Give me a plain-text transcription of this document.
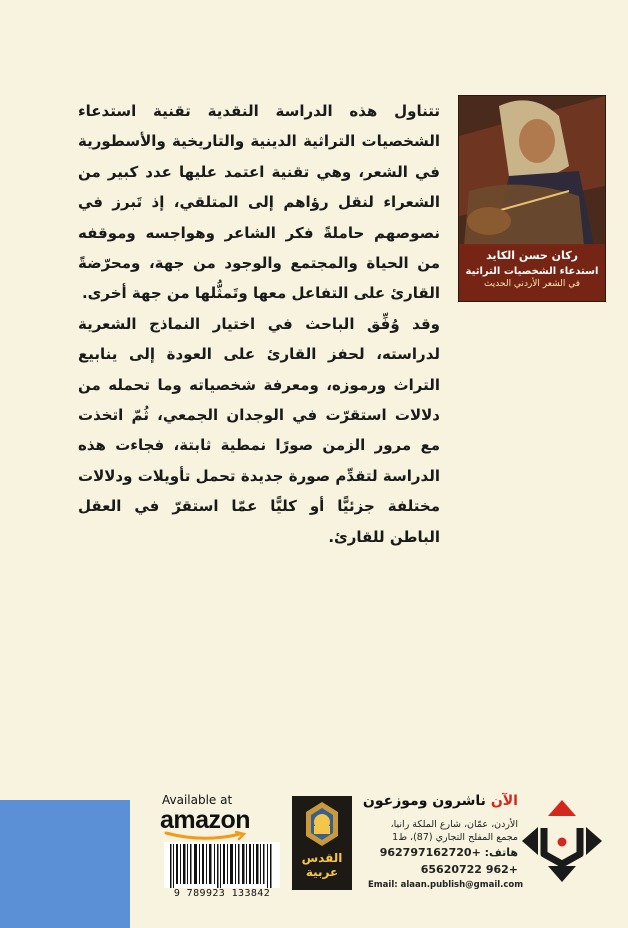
تتناول هذه الدراسة النقدية تقنية استدعاء الشخصيات التراثية الدينية والتاريخية والأسطورية في الشعر، وهي تقنية اعتمد عليها عدد كبير من الشعراء لنقل رؤاهم إلى المتلقي، إذ تَبرز في نصوصهم حاملةً فكر الشاعر وهواجسه وموقفه من الحياة والمجتمع والوجود من جهة، ومحرّضةً القارئ على التفاعل معها وتَمثُّلها من جهة أخرى.

وقد وُفِّق الباحث في اختيار النماذج الشعرية لدراسته، لحفز القارئ على العودة إلى ينابيع التراث ورموزه، ومعرفة شخصياته وما تحمله من دلالات استقرّت في الوجدان الجمعي، ثُمّ اتخذت مع مرور الزمن صورًا نمطية ثابتة، فجاءت هذه الدراسة لتقدِّم صورة جديدة تحمل تأويلات ودلالات مختلفة جزئيًّا أو كليًّا عمّا استقرّ في العقل الباطن للقارئ.

ركان حسن الكايد
استدعاء الشخصيات التراثية
في الشعر الأردني الحديث
Available at
amazon
9 789923 133842
القدس عربية
الآن ناشرون وموزعون
الأردن، عمّان، شارع الملكة رانيا،
مجمع المفلح التجاري (87)، ط1
هاتف: +962797162720
+962 65620722
Email: alaan.publish@gmail.com
